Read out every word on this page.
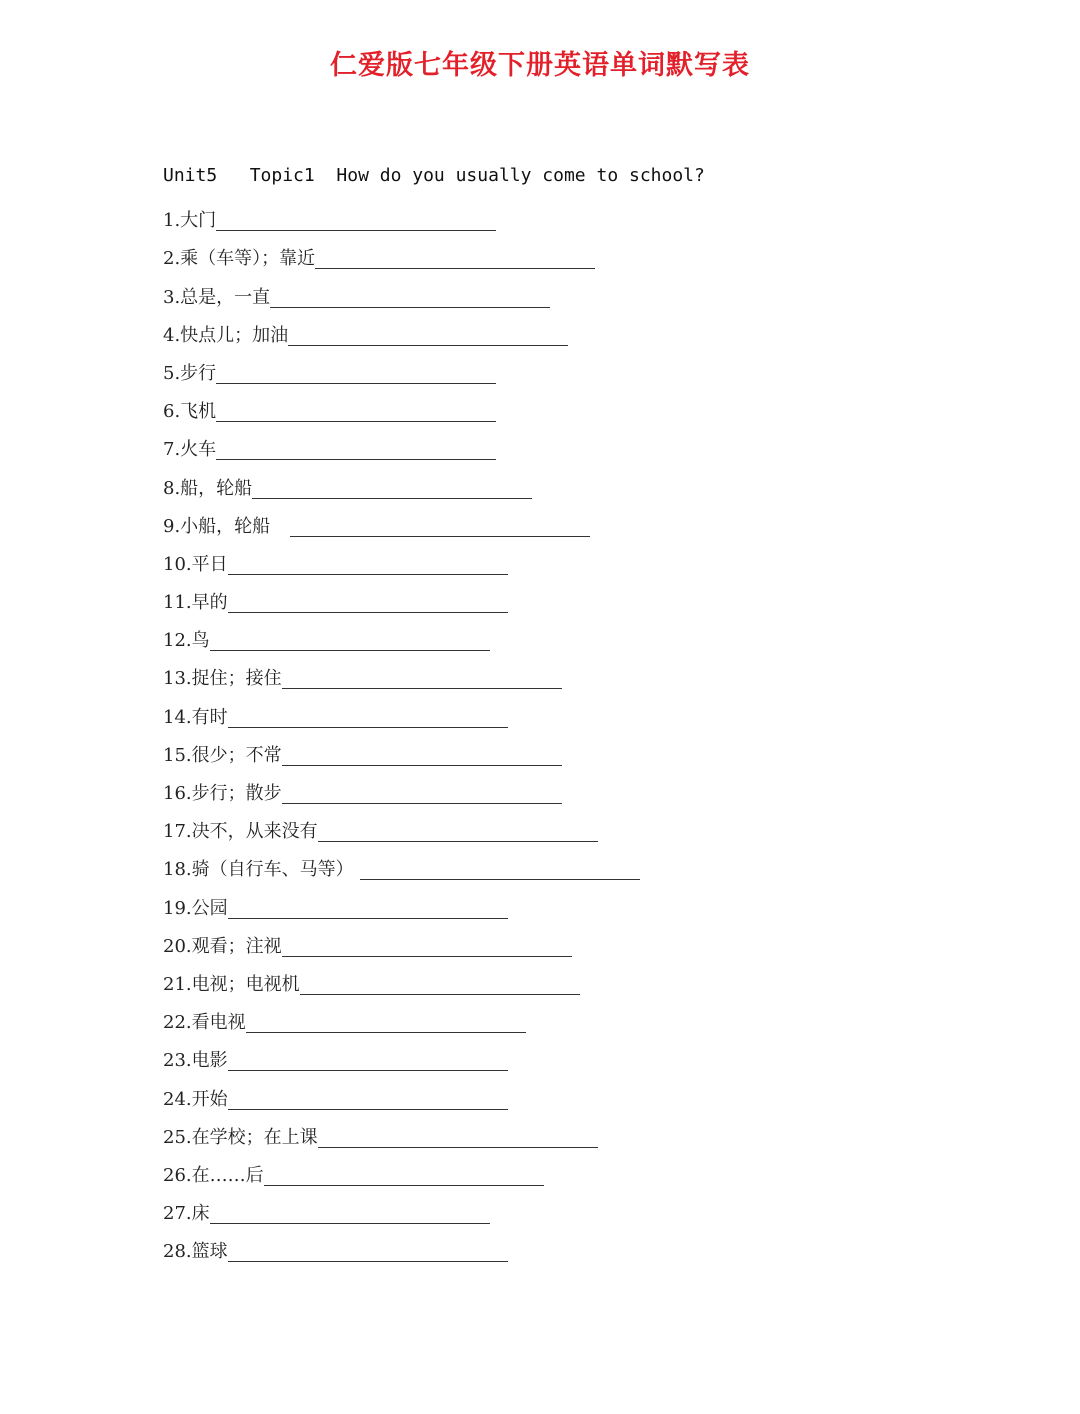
仁爱版七年级下册英语单词默写表
Unit5   Topic1  How do you usually come to school?
1.大门
2.乘（车等）；靠近
3.总是，一直
4.快点儿；加油
5.步行
6.飞机
7.火车
8.船，轮船
9.小船，轮船
10.平日
11.早的
12.鸟
13.捉住；接住
14.有时
15.很少；不常
16.步行；散步
17.决不，从来没有
18.骑（自行车、马等）
19.公园
20.观看；注视
21.电视；电视机
22.看电视
23.电影
24.开始
25.在学校；在上课
26.在……后
27.床
28.篮球
